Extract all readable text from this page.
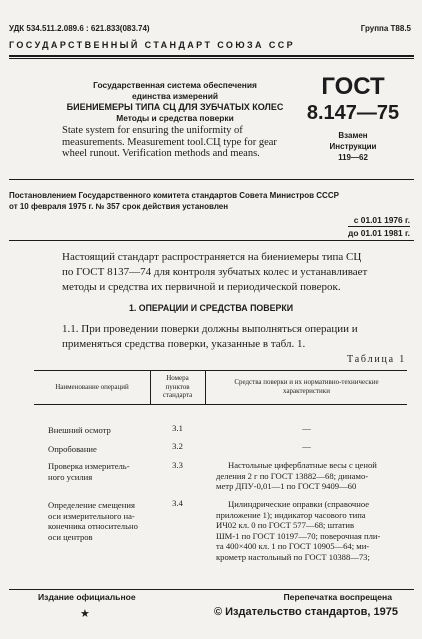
УДК 534.511.2.089.6 : 621.833(083.74)	Группа Т88.5
ГОСУДАРСТВЕННЫЙ СТАНДАРТ СОЮЗА ССР
Государственная система обеспечения
единства измерений
БИЕНИЕМЕРЫ ТИПА СЦ ДЛЯ ЗУБЧАТЫХ КОЛЕС
Методы и средства поверки
State system for ensuring the uniformity of
measurements. Measurement tool.СЦ type for gear
wheel runout. Verification methods and means.
ГОСТ
8.147—75
Взамен
Инструкции
119—62
Постановлением Государственного комитета стандартов Совета Министров СССР
от 10 февраля 1975 г. № 357 срок действия установлен
с 01.01 1976 г.
до 01.01 1981 г.
Настоящий стандарт распространяется на биениемеры типа СЦ
по ГОСТ 8137—74 для контроля зубчатых колес и устанавливает
методы и средства их первичной и периодической поверок.
1. ОПЕРАЦИИ И СРЕДСТВА ПОВЕРКИ
1.1. При проведении поверки должны выполняться операции и
применяться средства поверки, указанные в табл. 1.
Таблица 1
Наименование операций
Номера
пунктов
стандарта
Средства поверки и их нормативно-технические
характеристики
Внешний осмотр	3.1	—
Опробование	3.2	—
Проверка измеритель-
ного усилия
3.3	Настольные циферблатные весы с ценой
деления 2 г по ГОСТ 13882—68; динамо-
метр ДПУ-0,01—1 по ГОСТ 9409—60
Определение смещения
оси измерительного на-
конечника относительно
оси центров
3.4	Цилиндрические оправки (справочное
приложение 1); индикатор часового типа
ИЧ02 кл. 0 по ГОСТ 577—68; штатив
ШМ-1 по ГОСТ 10197—70; поверочная пли-
та 400×400 кл. 1 по ГОСТ 10905—64; ми-
крометр настольный по ГОСТ 10388—73;
Издание официальное	Перепечатка воспрещена
★	© Издательство стандартов, 1975
